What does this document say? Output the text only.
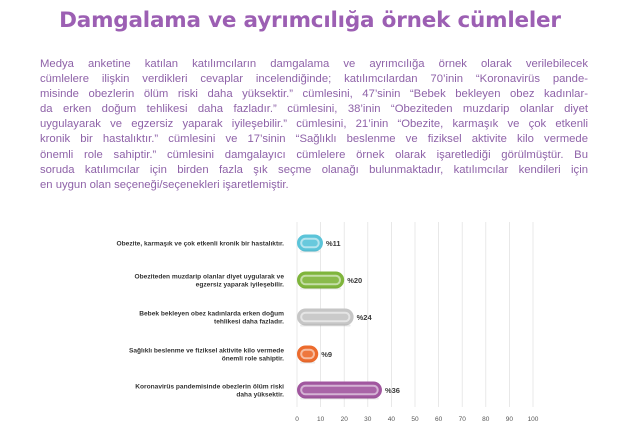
Damgalama ve ayrımcılığa örnek cümleler
Medya anketine katılan katılımcıların damgalama ve ayrımcılığa örnek olarak verilebilecek
cümlelere ilişkin verdikleri cevaplar incelendiğinde; katılımcılardan 70’inin “Koronavirüs pande-
misinde obezlerin ölüm riski daha yüksektir.” cümlesini, 47’sinin “Bebek bekleyen obez kadınlar-
da erken doğum tehlikesi daha fazladır.” cümlesini, 38’inin “Obeziteden muzdarip olanlar diyet
uygulayarak ve egzersiz yaparak iyileşebilir.” cümlesini, 21’inin “Obezite, karmaşık ve çok etkenli
kronik bir hastalıktır.” cümlesini ve 17’sinin “Sağlıklı beslenme ve fiziksel aktivite kilo vermede
önemli role sahiptir.” cümlesini damgalayıcı cümlelere örnek olarak işaretlediği görülmüştür. Bu
soruda katılımcılar için birden fazla şık seçme olanağı bulunmaktadır, katılımcılar kendileri için
en uygun olan seçeneği/seçenekleri işaretlemiştir.
0	10	20	30	40	50	60	70	80	90 100
%11
Obezite, karmaşık ve çok etkenli kronik bir hastalıktır.
%20
Obeziteden muzdarip olanlar diyet uygularak ve
egzersiz yaparak iyileşebilir.
%24
Bebek bekleyen obez kadınlarda erken doğum
tehlikesi daha fazladır.
%9
Sağlıklı beslenme ve fiziksel aktivite kilo vermede
önemli role sahiptir.
%36
Koronavirüs pandemisinde obezlerin ölüm riski
daha yüksektir.
